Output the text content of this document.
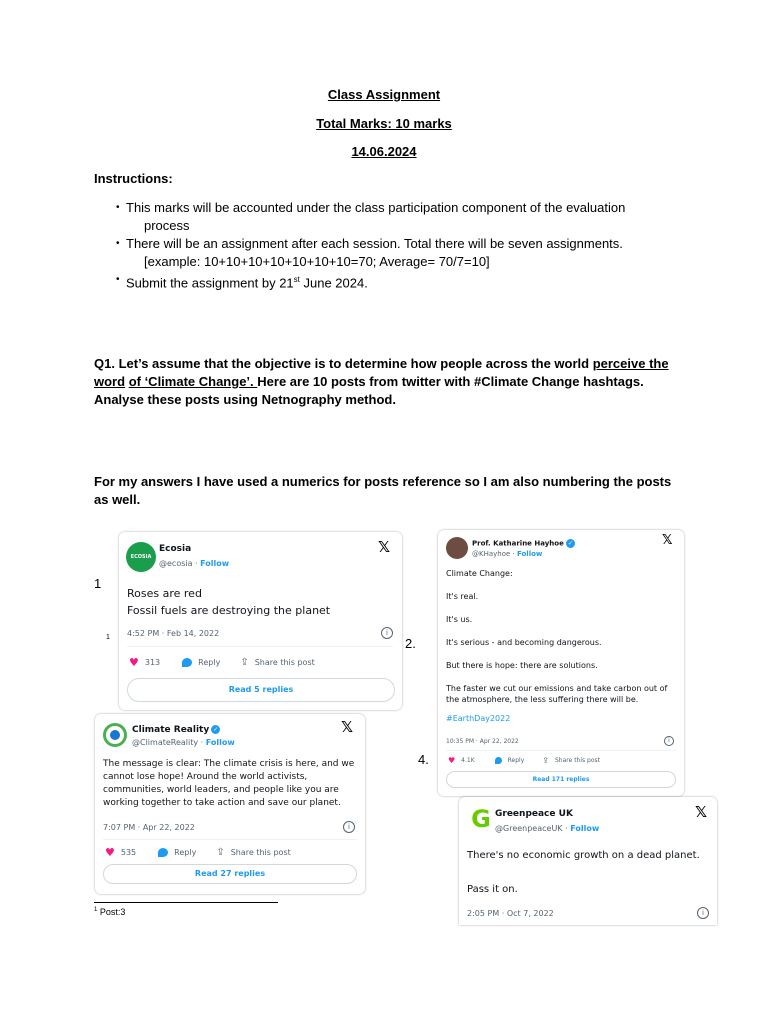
Class Assignment
Total Marks: 10 marks
14.06.2024
Instructions:
• This marks will be accounted under the class participation component of the evaluation
process
• There will be an assignment after each session. Total there will be seven assignments.
[example: 10+10+10+10+10+10+10=70; Average= 70/7=10]
• Submit the assignment by 21st June 2024.
Q1. Let’s assume that the objective is to determine how people across the world perceive the word of ‘Climate Change’. Here are 10 posts from twitter with #Climate Change hashtags. Analyse these posts using Netnography method.
For my answers I have used a numerics for posts reference so I am also numbering the posts as well.
1
1	2.
4.
ECOSIA
Ecosia
@ecosia · Follow
𝕏
Roses are red
Fossil fuels are destroying the planet
4:52 PM · Feb 14, 2022	i
♥ 313	Reply ⇪ Share this post
Read 5 replies
Climate Reality ✓
@ClimateReality · Follow
𝕏
The message is clear: The climate crisis is here, and we cannot lose hope! Around the world activists, communities, world leaders, and people like you are working together to take action and save our planet.
7:07 PM · Apr 22, 2022	i
♥ 535	Reply ⇪ Share this post
Read 27 replies
Prof. Katharine Hayhoe ✓
@KHayhoe · Follow
𝕏
Climate Change:
It's real.
It's us.
It's serious - and becoming dangerous.
But there is hope: there are solutions.
The faster we cut our emissions and take carbon out of the atmosphere, the less suffering there will be.
#EarthDay2022
10:35 PM · Apr 22, 2022	i
♥ 4.1K	Reply ⇪ Share this post
Read 171 replies
G Greenpeace UK
@GreenpeaceUK · Follow
𝕏
There's no economic growth on a dead planet.
Pass it on.
2:05 PM · Oct 7, 2022	i
$^1$ Post:3
